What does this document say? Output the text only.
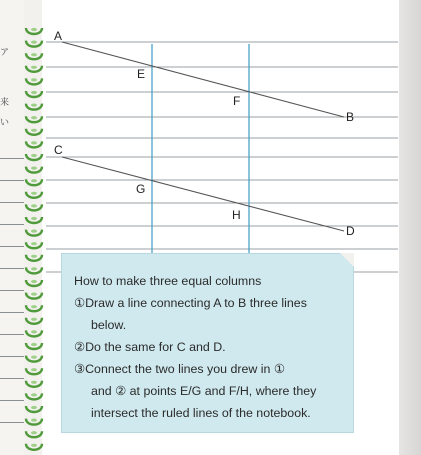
ア
来
い
A
B
C
D
E
F
G
H
How to make three equal columns
①Draw a line connecting A to B three lines
below.
②Do the same for C and D.
③Connect the two lines you drew in ①
and ② at points E/G and F/H, where they
intersect the ruled lines of the notebook.
